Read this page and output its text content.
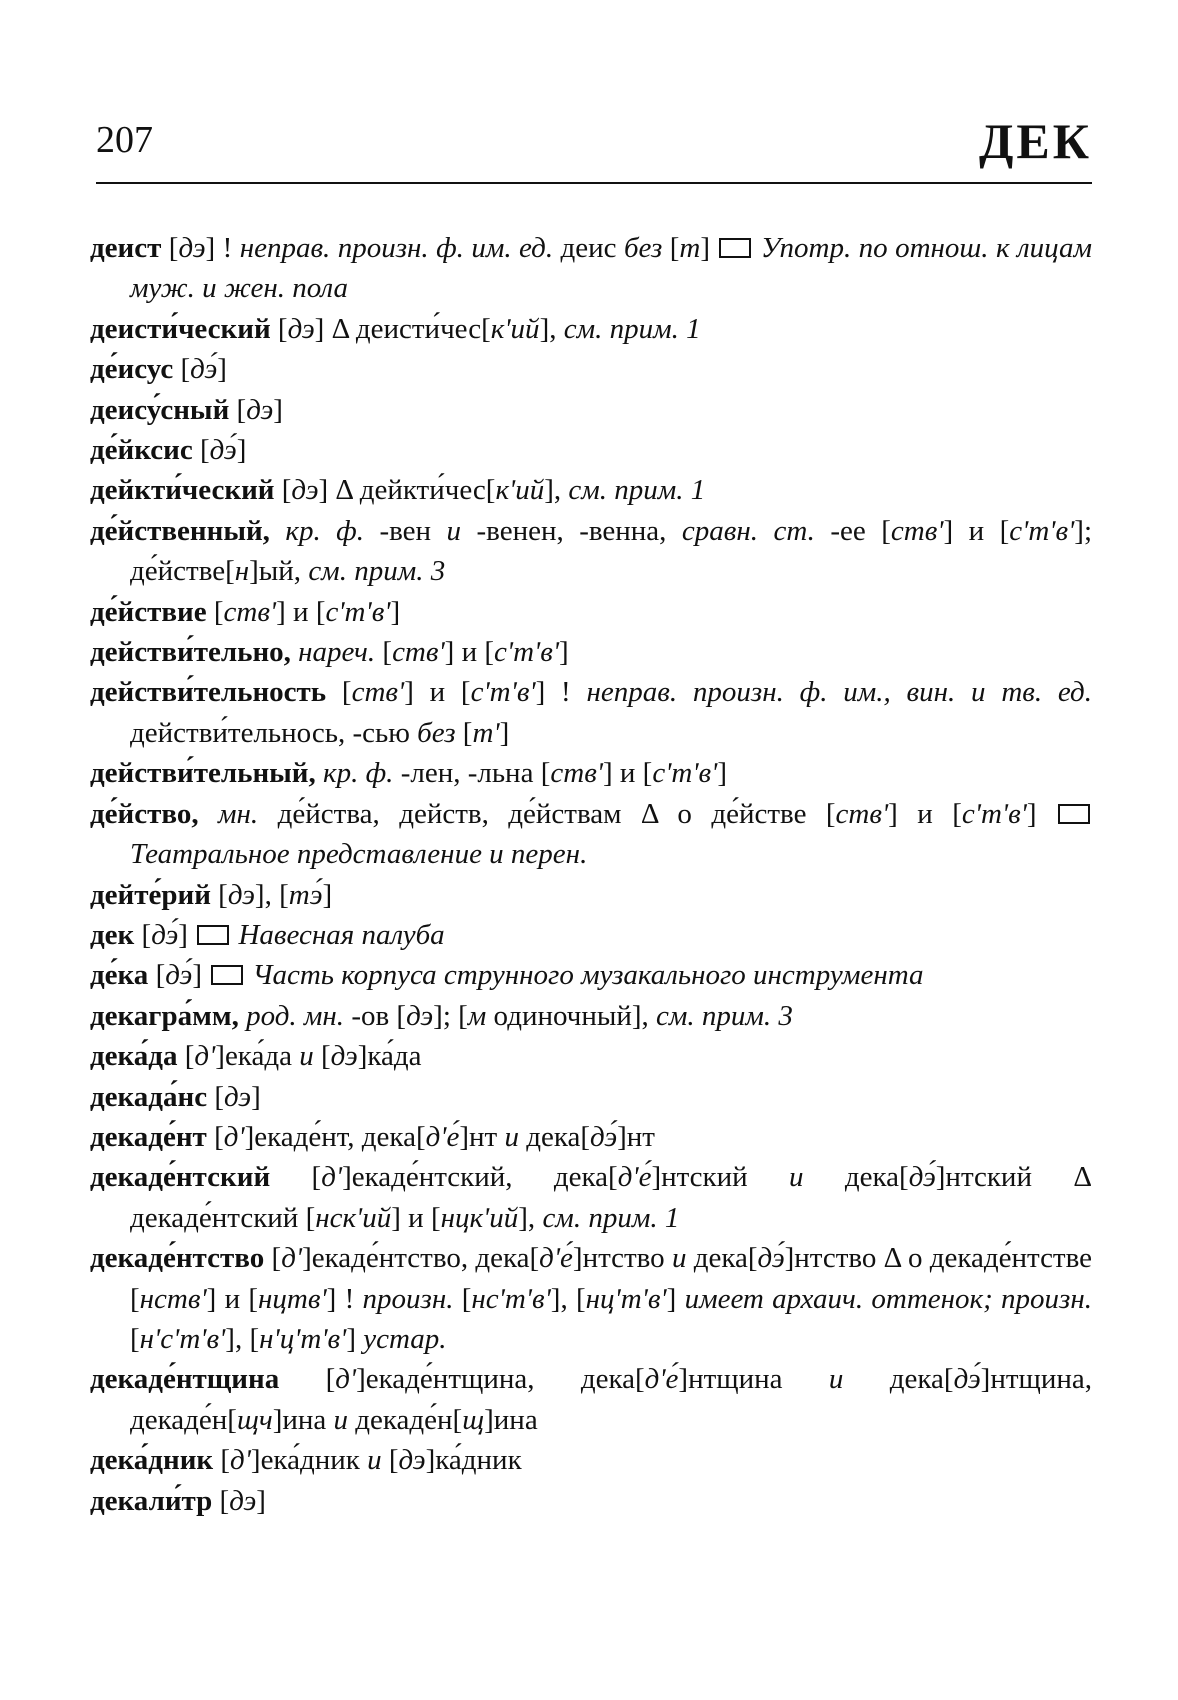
207	ДЕК
деист [дэ] ! неправ. произн. ф. им. ед. деис без [т]  Употр. по отнош. к лицам муж. и жен. пола
деисти́ческий [дэ] Δ деисти́чес[кʹий], см. прим. 1
де́исус [дэ́]
деису́сный [дэ]
де́йксис [дэ́]
дейкти́ческий [дэ] Δ дейкти́чес[кʹий], см. прим. 1
де́йственный, кр. ф. -вен и -венен, -венна, сравн. ст. -ее [ствʹ] и [сʹтʹвʹ]; де́йстве[н]ый, см. прим. 3
де́йствие [ствʹ] и [сʹтʹвʹ]
действи́тельно, нареч. [ствʹ] и [сʹтʹвʹ]
действи́тельность [ствʹ] и [сʹтʹвʹ] ! неправ. произн. ф. им., вин. и тв. ед. действи́тельнось, -сью без [тʹ]
действи́тельный, кр. ф. -лен, -льна [ствʹ] и [сʹтʹвʹ]
де́йство, мн. де́йства, действ, де́йствам Δ о де́йстве [ствʹ] и [сʹтʹвʹ]  Театральное представление и перен.
дейте́рий [дэ], [тэ́]
дек [дэ́]  Навесная палуба
де́ка [дэ́]  Часть корпуса струнного музакального инструмента
декагра́мм, род. мн. -ов [дэ]; [м одиночный], см. прим. 3
дека́да [дʹ]ека́да и [дэ]ка́да
декада́нс [дэ]
декаде́нт [дʹ]екаде́нт, дека[дʹе́]нт и дека[дэ́]нт
декаде́нтский [дʹ]екаде́нтский, дека[дʹе́]нтский и дека[дэ́]нтский Δ декаде́нтский [нскʹий] и [нцкʹий], см. прим. 1
декаде́нтство [дʹ]екаде́нтство, дека[дʹе́]нтство и дека[дэ́]нтство Δ о декаде́нтстве [нствʹ] и [нцтвʹ] ! произн. [нсʹтʹвʹ], [нцʹтʹвʹ] имеет архаич. оттенок; произн. [нʹсʹтʹвʹ], [нʹцʹтʹвʹ] устар.
декаде́нтщина [дʹ]екаде́нтщина, дека[дʹе́]нтщина и дека[дэ́]нтщина, декаде́н[щч]ина и декаде́н[щ]ина
дека́дник [дʹ]ека́дник и [дэ]ка́дник
декали́тр [дэ]
